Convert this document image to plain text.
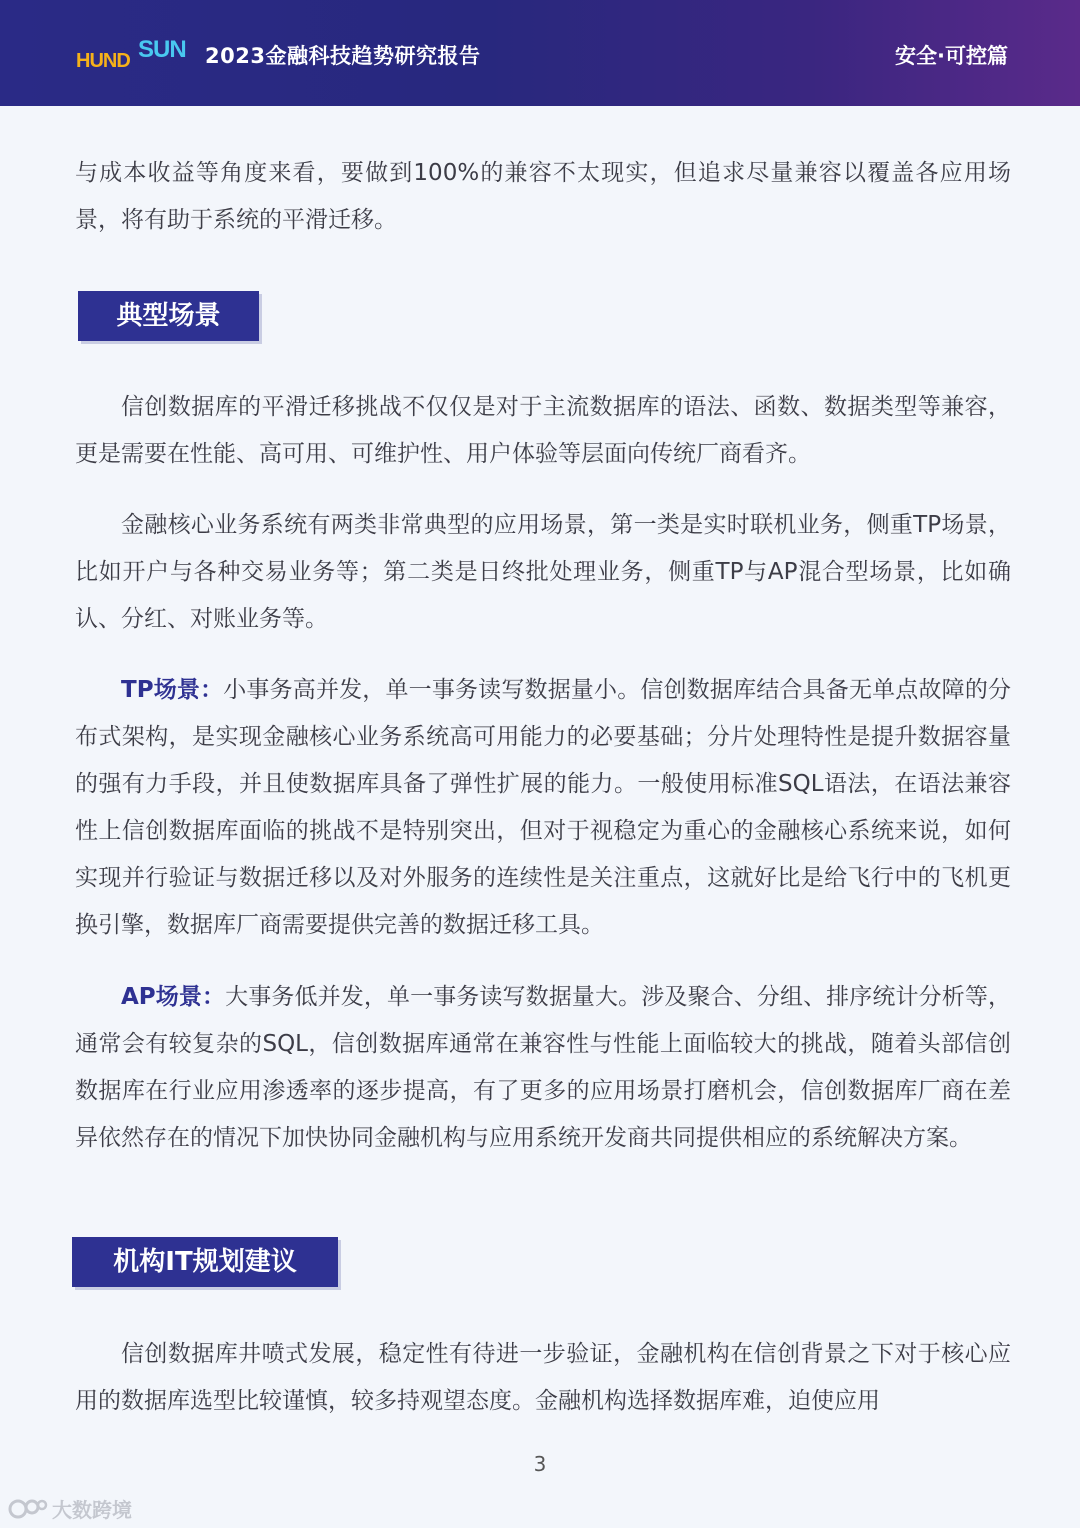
HUND SUN 2023金融科技趋势研究报告	安全·可控篇

与成本收益等角度来看，要做到100%的兼容不太现实，但追求尽量兼容以覆盖各应用场景，将有助于系统的平滑迁移。

典型场景

信创数据库的平滑迁移挑战不仅仅是对于主流数据库的语法、函数、数据类型等兼容，更是需要在性能、高可用、可维护性、用户体验等层面向传统厂商看齐。

金融核心业务系统有两类非常典型的应用场景，第一类是实时联机业务，侧重TP场景，比如开户与各种交易业务等；第二类是日终批处理业务，侧重TP与AP混合型场景，比如确认、分红、对账业务等。

TP场景：小事务高并发，单一事务读写数据量小。信创数据库结合具备无单点故障的分布式架构，是实现金融核心业务系统高可用能力的必要基础；分片处理特性是提升数据容量的强有力手段，并且使数据库具备了弹性扩展的能力。一般使用标准SQL语法，在语法兼容性上信创数据库面临的挑战不是特别突出，但对于视稳定为重心的金融核心系统来说，如何实现并行验证与数据迁移以及对外服务的连续性是关注重点，这就好比是给飞行中的飞机更换引擎，数据库厂商需要提供完善的数据迁移工具。

AP场景：大事务低并发，单一事务读写数据量大。涉及聚合、分组、排序统计分析等，通常会有较复杂的SQL，信创数据库通常在兼容性与性能上面临较大的挑战，随着头部信创数据库在行业应用渗透率的逐步提高，有了更多的应用场景打磨机会，信创数据库厂商在差异依然存在的情况下加快协同金融机构与应用系统开发商共同提供相应的系统解决方案。

机构IT规划建议

信创数据库井喷式发展，稳定性有待进一步验证，金融机构在信创背景之下对于核心应用的数据库选型比较谨慎，较多持观望态度。金融机构选择数据库难，迫使应用

3
大数跨境
